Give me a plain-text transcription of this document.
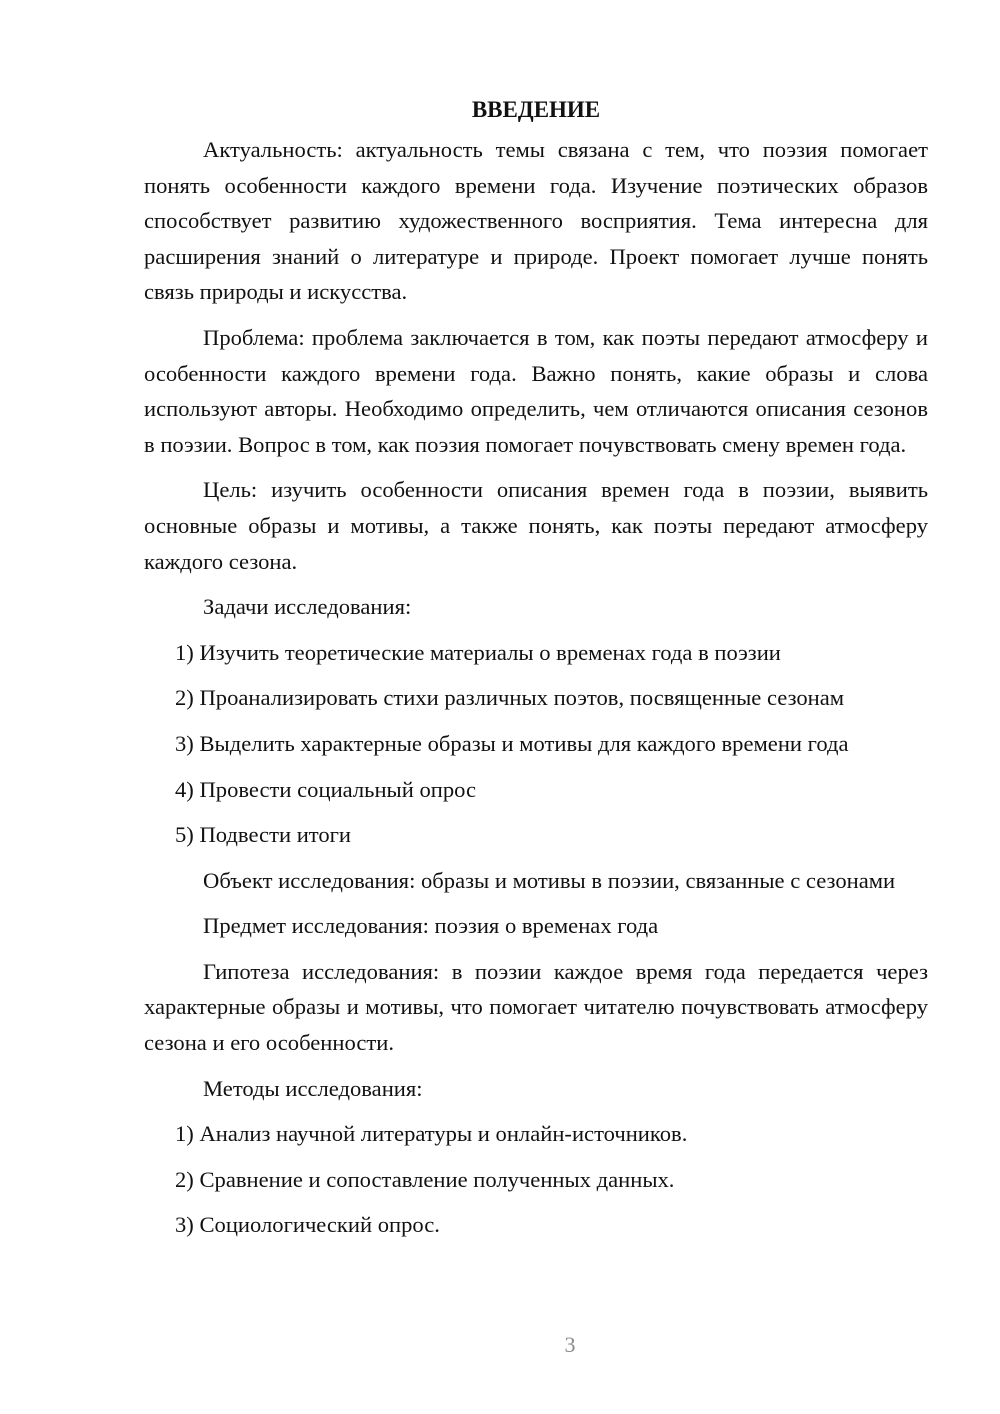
ВВЕДЕНИЕ

Актуальность: актуальность темы связана с тем, что поэзия помогает понять особенности каждого времени года. Изучение поэтических образов способствует развитию художественного восприятия. Тема интересна для расширения знаний о литературе и природе. Проект помогает лучше понять связь природы и искусства.

Проблема: проблема заключается в том, как поэты передают атмосферу и особенности каждого времени года. Важно понять, какие образы и слова используют авторы. Необходимо определить, чем отличаются описания сезонов в поэзии. Вопрос в том, как поэзия помогает почувствовать смену времен года.

Цель: изучить особенности описания времен года в поэзии, выявить основные образы и мотивы, а также понять, как поэты передают атмосферу каждого сезона.

Задачи исследования:

1) Изучить теоретические материалы о временах года в поэзии
2) Проанализировать стихи различных поэтов, посвященные сезонам
3) Выделить характерные образы и мотивы для каждого времени года
4) Провести социальный опрос
5) Подвести итоги

Объект исследования: образы и мотивы в поэзии, связанные с сезонами

Предмет исследования: поэзия о временах года

Гипотеза исследования: в поэзии каждое время года передается через характерные образы и мотивы, что помогает читателю почувствовать атмосферу сезона и его особенности.

Методы исследования:

1) Анализ научной литературы и онлайн-источников.
2) Сравнение и сопоставление полученных данных.
3) Социологический опрос.
3
